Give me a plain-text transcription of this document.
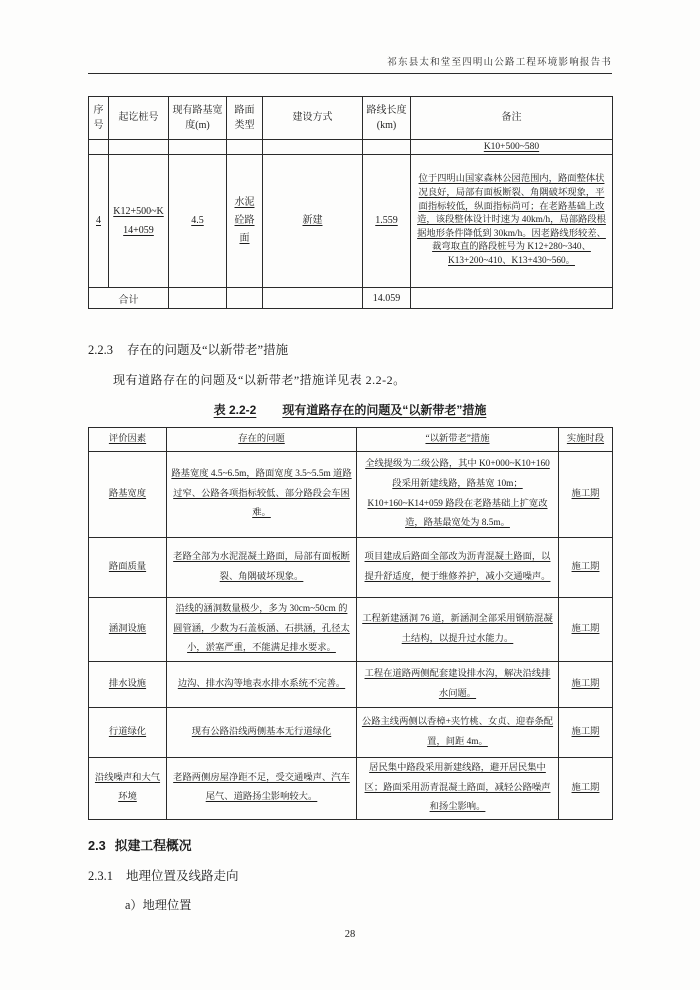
祁东县太和堂至四明山公路工程环境影响报告书
序号	起讫桩号	现有路基宽度(m)	路面类型	建设方式	路线长度(km)	备注
						K10+500~580
4	K12+500~K14+059	4.5	水泥砼路面	新建	1.559	位于四明山国家森林公园范围内，路面整体状况良好，局部有面板断裂、角隅破坏现象，平面指标较低，纵面指标尚可；在老路基础上改造，该段整体设计时速为 40km/h，局部路段根据地形条件降低到 30km/h。因老路线形较差、裁弯取直的路段桩号为 K12+280~340、K13+200~410、K13+430~560。
合计					14.059	
2.2.3 存在的问题及“以新带老”措施
现有道路存在的问题及“以新带老”措施详见表 2.2-2。
表 2.2-2 现有道路存在的问题及“以新带老”措施
评价因素	存在的问题	“以新带老”措施	实施时段
路基宽度	路基宽度 4.5~6.5m，路面宽度 3.5~5.5m 道路过窄、公路各项指标较低、部分路段会车困难。	全线提级为二级公路，其中 K0+000~K10+160 段采用新建线路，路基宽 10m；K10+160~K14+059 路段在老路基础上扩宽改造，路基最宽处为 8.5m。	施工期
路面质量	老路全部为水泥混凝土路面，局部有面板断裂、角隅破坏现象。	项目建成后路面全部改为沥青混凝土路面，以提升舒适度，便于维修养护，减小交通噪声。	施工期
涵洞设施	沿线的涵洞数量极少，多为 30cm~50cm 的圆管涵，少数为石盖板涵、石拱涵，孔径太小，淤塞严重，不能满足排水要求。	工程新建涵洞 76 道，新涵洞全部采用钢筋混凝土结构，以提升过水能力。	施工期
排水设施	边沟、排水沟等地表水排水系统不完善。	工程在道路两侧配套建设排水沟，解决沿线排水问题。	施工期
行道绿化	现有公路沿线两侧基本无行道绿化	公路主线两侧以香樟+夹竹桃、女贞、迎春条配置，间距 4m。	施工期
沿线噪声和大气环境	老路两侧房屋净距不足，受交通噪声、汽车尾气、道路扬尘影响较大。	居民集中路段采用新建线路，避开居民集中区；路面采用沥青混凝土路面，减轻公路噪声和扬尘影响。	施工期
2.3 拟建工程概况
2.3.1 地理位置及线路走向
a）地理位置
28
